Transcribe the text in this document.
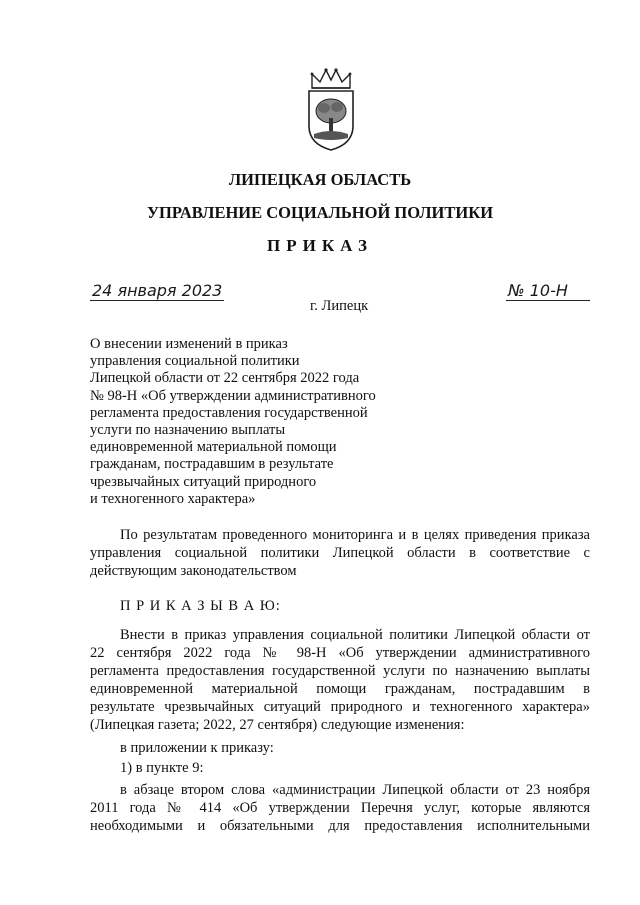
ЛИПЕЦКАЯ ОБЛАСТЬ
УПРАВЛЕНИЕ СОЦИАЛЬНОЙ ПОЛИТИКИ
ПРИКАЗ
24 января 2023	№ 10-Н
г. Липецк
О внесении изменений в приказ
управления социальной политики
Липецкой области от 22 сентября 2022 года
№ 98-Н «Об утверждении административного
регламента предоставления государственной
услуги по назначению выплаты
единовременной материальной помощи
гражданам, пострадавшим в результате
чрезвычайных ситуаций природного
и техногенного характера»
По результатам проведенного мониторинга и в целях приведения приказа
управления социальной политики Липецкой области в соответствие с
действующим законодательством
П Р И К А З Ы В А Ю:
Внести в приказ управления социальной политики Липецкой области от
22 сентября 2022 года № 98-Н «Об утверждении административного
регламента предоставления государственной услуги по назначению выплаты
единовременной материальной помощи гражданам, пострадавшим в
результате чрезвычайных ситуаций природного и техногенного характера»
(Липецкая газета; 2022, 27 сентября) следующие изменения:
в приложении к приказу:
1) в пункте 9:
в абзаце втором слова «администрации Липецкой области от 23 ноября
2011 года № 414 «Об утверждении Перечня услуг, которые являются
необходимыми и обязательными для предоставления исполнительными
